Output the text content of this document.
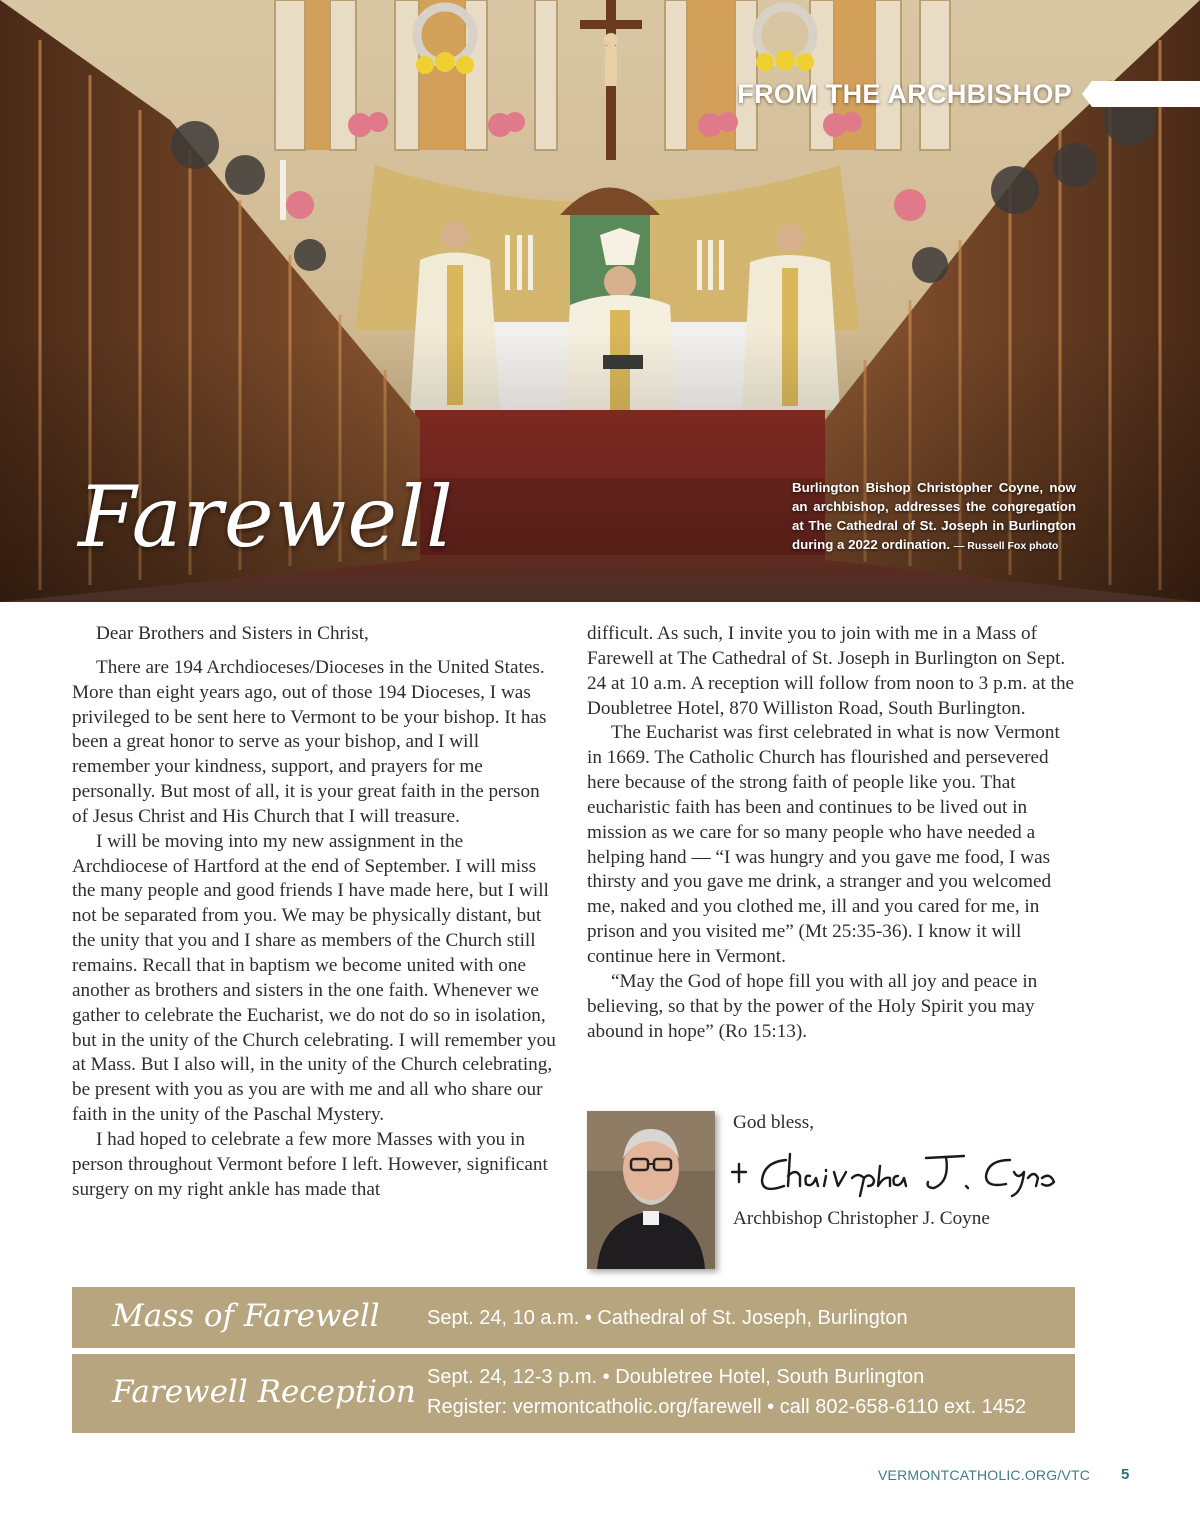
FROM THE ARCHBISHOP
Farewell	Burlington Bishop Christopher Coyne, now an archbishop, addresses the congregation at The Cathedral of St. Joseph in Burlington during a 2022 ordination. — Russell Fox photo

Dear Brothers and Sisters in Christ,

There are 194 Archdioceses/Dioceses in the United States. More than eight years ago, out of those 194 Dioceses, I was privileged to be sent here to Vermont to be your bishop. It has been a great honor to serve as your bishop, and I will remember your kindness, support, and prayers for me personally. But most of all, it is your great faith in the person of Jesus Christ and His Church that I will treasure.

I will be moving into my new assignment in the Archdiocese of Hartford at the end of September. I will miss the many people and good friends I have made here, but I will not be separated from you. We may be physically distant, but the unity that you and I share as members of the Church still remains. Recall that in baptism we become united with one another as brothers and sisters in the one faith. Whenever we gather to celebrate the Eucharist, we do not do so in isolation, but in the unity of the Church celebrating. I will remember you at Mass. But I also will, in the unity of the Church celebrating, be present with you as you are with me and all who share our faith in the unity of the Paschal Mystery.

I had hoped to celebrate a few more Masses with you in person throughout Vermont before I left. However, significant surgery on my right ankle has made that

difficult. As such, I invite you to join with me in a Mass of Farewell at The Cathedral of St. Joseph in Burlington on Sept. 24 at 10 a.m. A reception will follow from noon to 3 p.m. at the Doubletree Hotel, 870 Williston Road, South Burlington.

The Eucharist was first celebrated in what is now Vermont in 1669. The Catholic Church has flourished and persevered here because of the strong faith of people like you. That eucharistic faith has been and continues to be lived out in mission as we care for so many people who have needed a helping hand — “I was hungry and you gave me food, I was thirsty and you gave me drink, a stranger and you welcomed me, naked and you clothed me, ill and you cared for me, in prison and you visited me” (Mt 25:35-36). I know it will continue here in Vermont.

“May the God of hope fill you with all joy and peace in believing, so that by the power of the Holy Spirit you may abound in hope” (Ro 15:13).

God bless,
Archbishop Christopher J. Coyne
Mass of Farewell Sept. 24, 10 a.m. • Cathedral of St. Joseph, Burlington
Farewell Reception Sept. 24, 12-3 p.m. • Doubletree Hotel, South Burlington
Register: vermontcatholic.org/farewell • call 802-658-6110 ext. 1452
VERMONTCATHOLIC.ORG/VTC 5
